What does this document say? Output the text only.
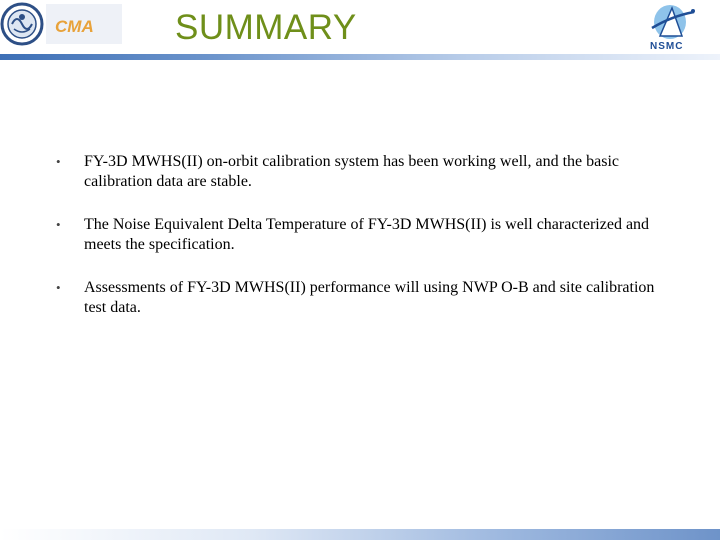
CMA SUMMARY	NSMC
• FY-3D MWHS(II) on-orbit calibration system has been working well, and the basic calibration data are stable.
• The Noise Equivalent Delta Temperature of FY-3D MWHS(II) is well characterized and meets the specification.
• Assessments of FY-3D MWHS(II) performance will using NWP O-B and site calibration test data.
